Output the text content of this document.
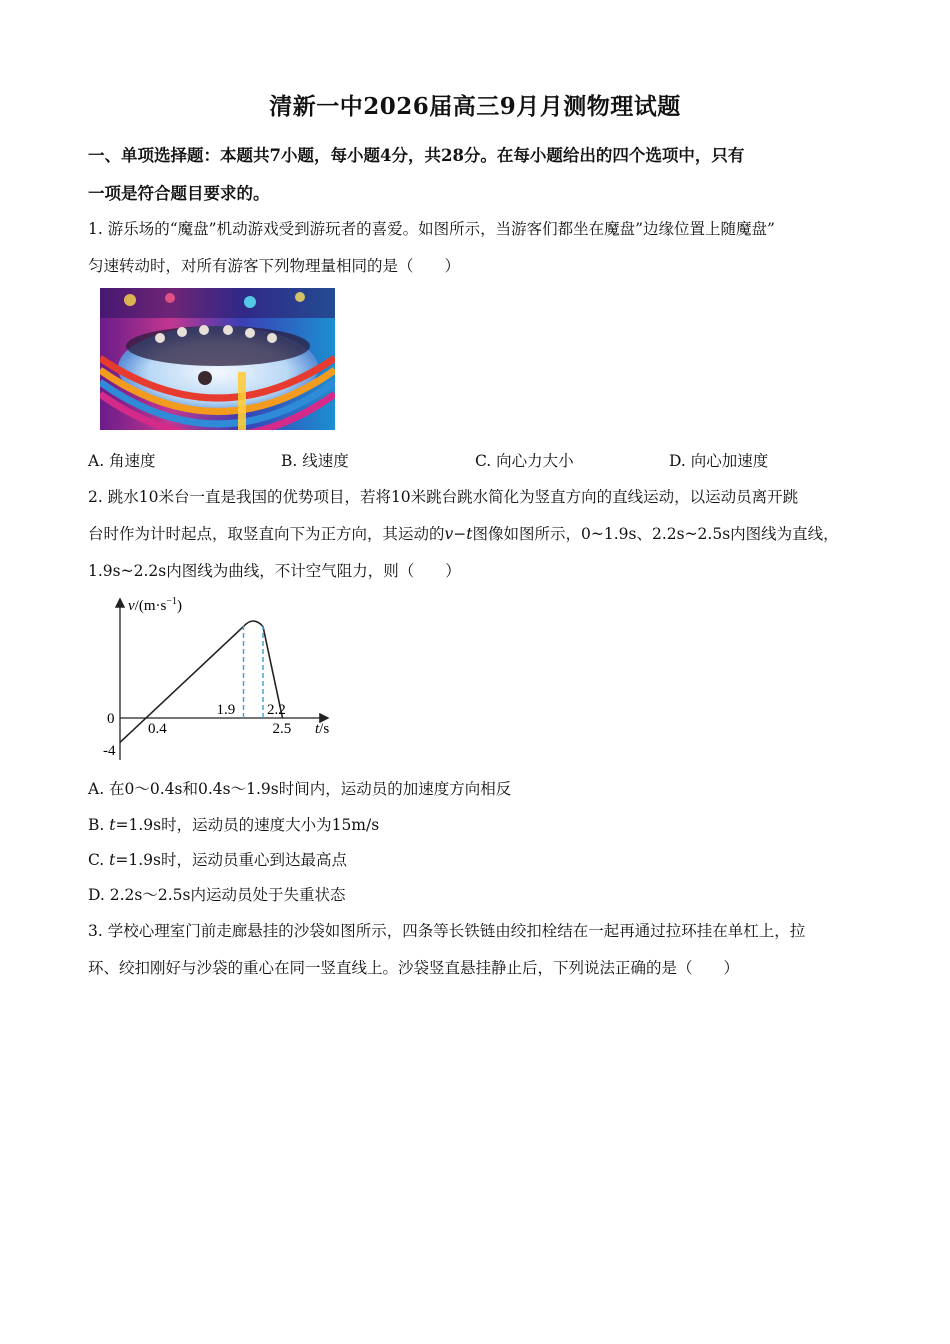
清新一中2026届高三9月月测物理试题
一、单项选择题：本题共7小题，每小题4分，共28分。在每小题给出的四个选项中，只有
一项是符合题目要求的。
1. 游乐场的“魔盘”机动游戏受到游玩者的喜爱。如图所示，当游客们都坐在魔盘”边缘位置上随魔盘”
匀速转动时，对所有游客下列物理量相同的是（　　）
A. 角速度	B. 线速度	C. 向心力大小	D. 向心加速度
2. 跳水10米台一直是我国的优势项目，若将10米跳台跳水简化为竖直方向的直线运动，以运动员离开跳
台时作为计时起点，取竖直向下为正方向，其运动的v−t图像如图所示，0~1.9s、2.2s~2.5s内图线为直线，
1.9s~2.2s内图线为曲线，不计空气阻力，则（　　）
$v/(m\cdot s^{-1})$
t/s
0
-4
0.4
1.9 2.2
2.5
A. 在0～0.4s和0.4s～1.9s时间内，运动员的加速度方向相反
B. t=1.9s时，运动员的速度大小为15m/s
C. t=1.9s时，运动员重心到达最高点
D. 2.2s～2.5s内运动员处于失重状态
3. 学校心理室门前走廊悬挂的沙袋如图所示，四条等长铁链由绞扣栓结在一起再通过拉环挂在单杠上，拉
环、绞扣刚好与沙袋的重心在同一竖直线上。沙袋竖直悬挂静止后，下列说法正确的是（　　）
